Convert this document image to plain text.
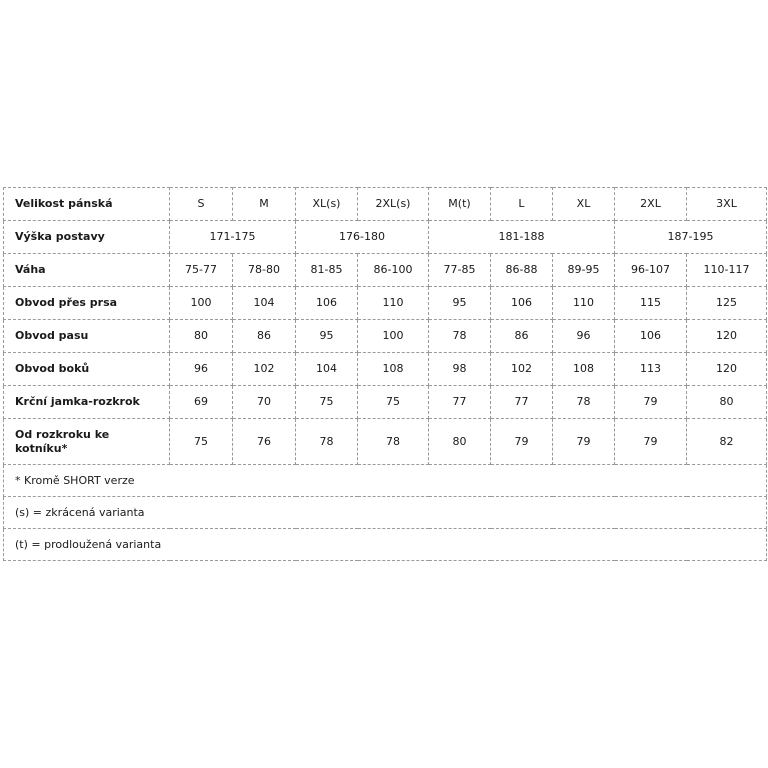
Velikost pánská	S	M	XL(s)	2XL(s)	M(t)	L	XL	2XL	3XL
Výška postavy	171-175		176-180		181-188			187-195	
Váha	75-77	78-80	81-85	86-100	77-85	86-88	89-95	96-107	110-117
Obvod přes prsa	100	104	106	110	95	106	110	115	125
Obvod pasu	80	86	95	100	78	86	96	106	120
Obvod boků	96	102	104	108	98	102	108	113	120
Krční jamka-rozkrok	69	70	75	75	77	77	78	79	80
Od rozkroku ke kotníku*	75	76	78	78	80	79	79	79	82
* Kromě SHORT verze									
(s) = zkrácená varianta									
(t) = prodloužená varianta									
